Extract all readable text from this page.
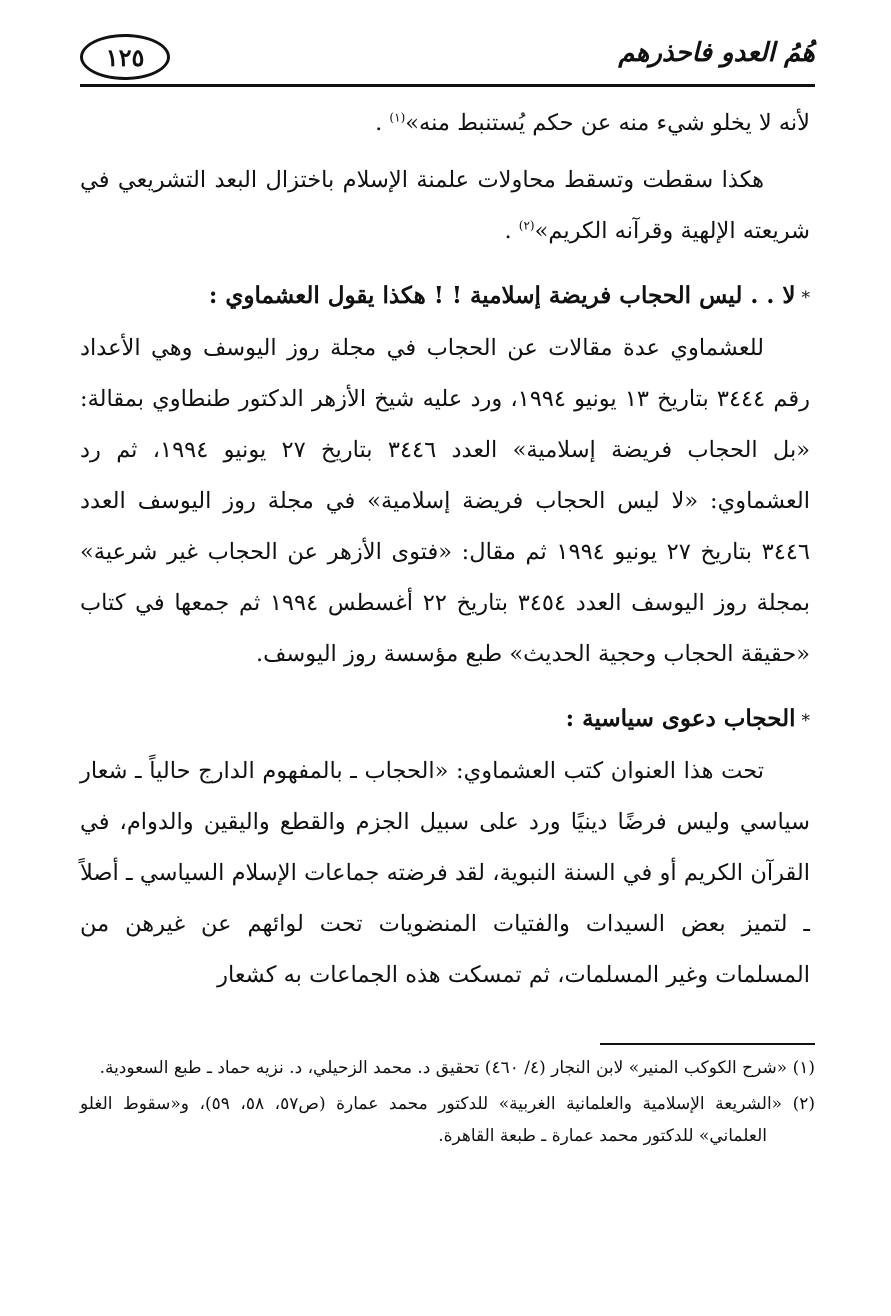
هُمُ العدو فاحذرهم
١٢٥

لأنه لا يخلو شيء منه عن حكم يُستنبط منه»$^{(١)}$ .

هكذا سقطت وتسقط محاولات علمنة الإسلام باختزال البعد التشريعي في شريعته الإلهية وقرآنه الكريم»$^{(٢)}$ .

*لا . . ليس الحجاب فريضة إسلامية ! ! هكذا يقول العشماوي :

للعشماوي عدة مقالات عن الحجاب في مجلة روز اليوسف وهي الأعداد رقم ٣٤٤٤ بتاريخ ١٣ يونيو ١٩٩٤، ورد عليه شيخ الأزهر الدكتور طنطاوي بمقالة: «بل الحجاب فريضة إسلامية» العدد ٣٤٤٦ بتاريخ ٢٧ يونيو ١٩٩٤، ثم رد العشماوي: «لا ليس الحجاب فريضة إسلامية» في مجلة روز اليوسف العدد ٣٤٤٦ بتاريخ ٢٧ يونيو ١٩٩٤ ثم مقال: «فتوى الأزهر عن الحجاب غير شرعية» بمجلة روز اليوسف العدد ٣٤٥٤ بتاريخ ٢٢ أغسطس ١٩٩٤ ثم جمعها في كتاب «حقيقة الحجاب وحجية الحديث» طبع مؤسسة روز اليوسف.

*الحجاب دعوى سياسية :

تحت هذا العنوان كتب العشماوي: «الحجاب ـ بالمفهوم الدارج حالياً ـ شعار سياسي وليس فرضًا دينيًا ورد على سبيل الجزم والقطع واليقين والدوام، في القرآن الكريم أو في السنة النبوية، لقد فرضته جماعات الإسلام السياسي ـ أصلاً ـ لتميز بعض السيدات والفتيات المنضويات تحت لوائهم عن غيرهن من المسلمات وغير المسلمات، ثم تمسكت هذه الجماعات به كشعار

(١) «شرح الكوكب المنير» لابن النجار (٤/ ٤٦٠) تحقيق د. محمد الزحيلي، د. نزيه حماد ـ طبع السعودية.

(٢) «الشريعة الإسلامية والعلمانية الغربية» للدكتور محمد عمارة (ص٥٧، ٥٨، ٥٩)، و«سقوط الغلو العلماني» للدكتور محمد عمارة ـ طبعة القاهرة.
